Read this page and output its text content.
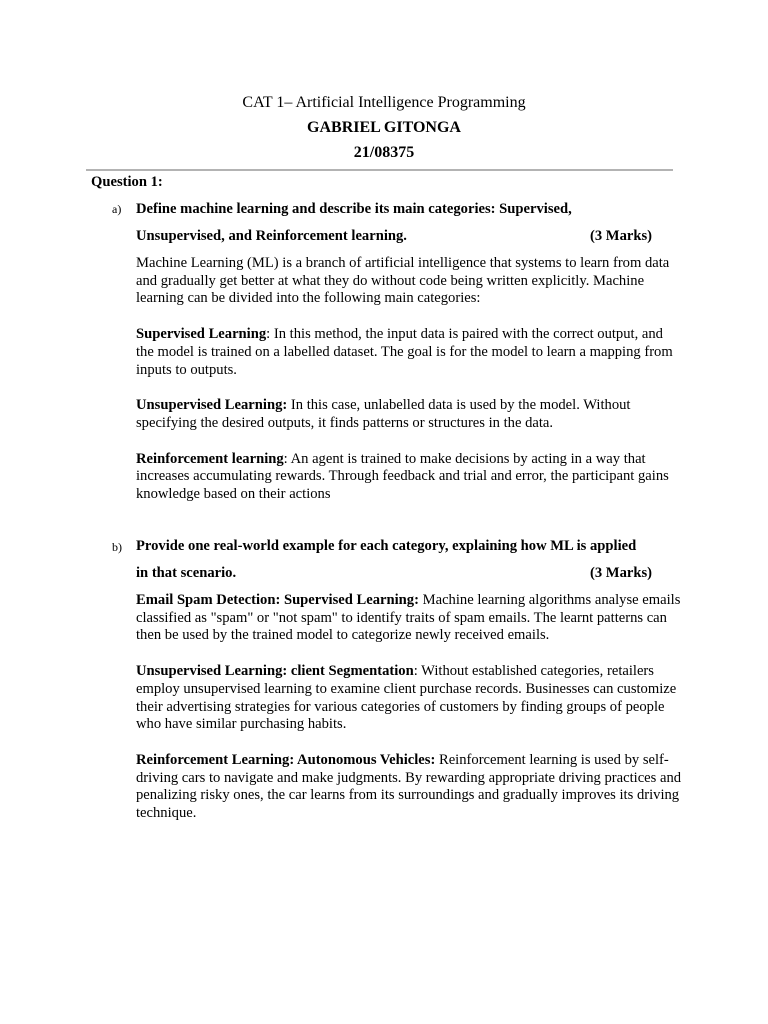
CAT 1– Artificial Intelligence Programming
GABRIEL GITONGA
21/08375
Question 1:
a) Define machine learning and describe its main categories: Supervised,
Unsupervised, and Reinforcement learning.	(3 Marks)

Machine Learning (ML) is a branch of artificial intelligence that systems to learn from data and gradually get better at what they do without code being written explicitly. Machine learning can be divided into the following main categories:

Supervised Learning: In this method, the input data is paired with the correct output, and the model is trained on a labelled dataset. The goal is for the model to learn a mapping from inputs to outputs.

Unsupervised Learning: In this case, unlabelled data is used by the model. Without specifying the desired outputs, it finds patterns or structures in the data.

Reinforcement learning: An agent is trained to make decisions by acting in a way that increases accumulating rewards. Through feedback and trial and error, the participant gains knowledge based on their actions

b) Provide one real-world example for each category, explaining how ML is applied
in that scenario.	(3 Marks)

Email Spam Detection: Supervised Learning: Machine learning algorithms analyse emails classified as "spam" or "not spam" to identify traits of spam emails. The learnt patterns can then be used by the trained model to categorize newly received emails.

Unsupervised Learning: client Segmentation: Without established categories, retailers employ unsupervised learning to examine client purchase records. Businesses can customize their advertising strategies for various categories of customers by finding groups of people who have similar purchasing habits.

Reinforcement Learning: Autonomous Vehicles: Reinforcement learning is used by self-driving cars to navigate and make judgments. By rewarding appropriate driving practices and penalizing risky ones, the car learns from its surroundings and gradually improves its driving technique.
